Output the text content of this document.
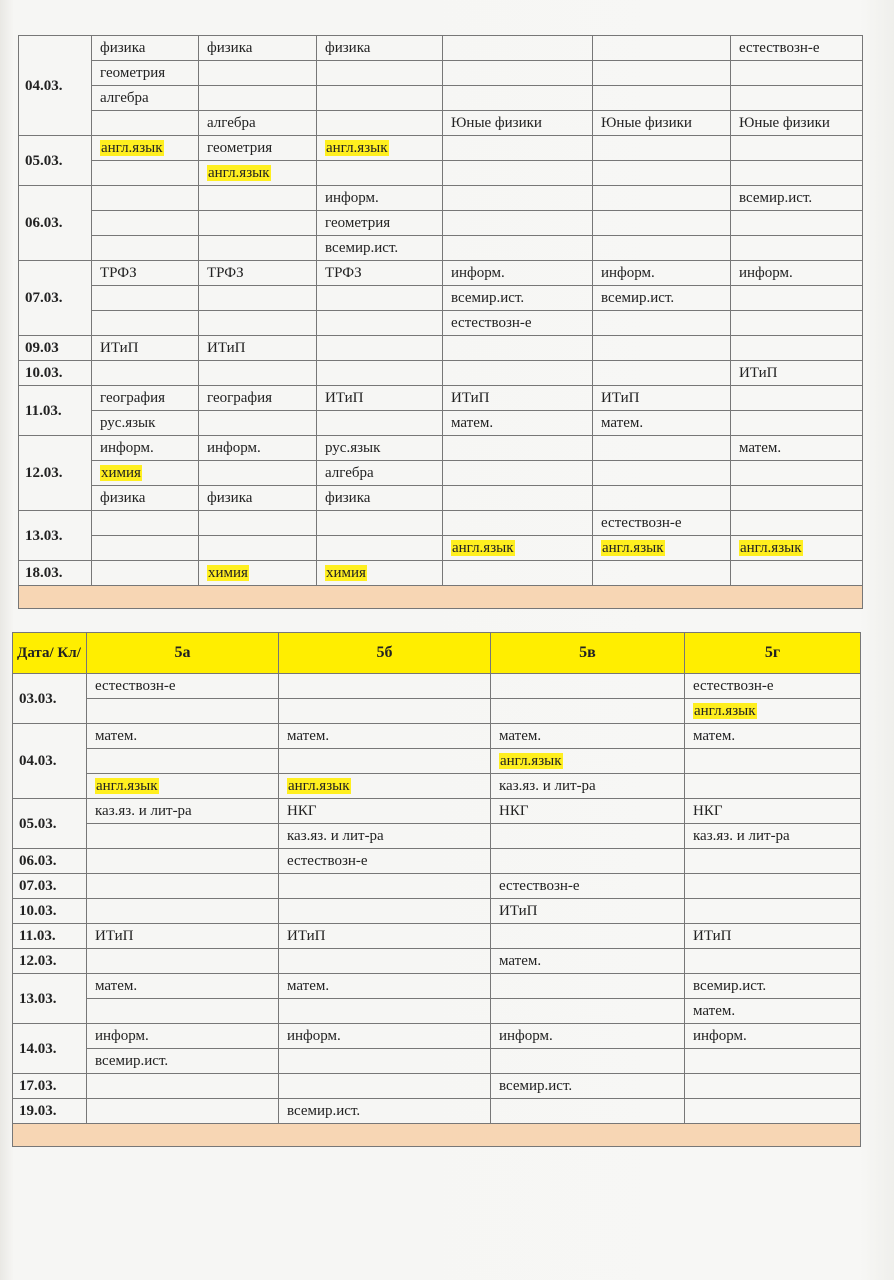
04.03.	физика	физика	физика			естествозн-е
	геометрия					
	алгебра					
		алгебра		Юные физики	Юные физики	Юные физики
05.03.	англ.язык	геометрия	англ.язык			
		англ.язык				
06.03.			информ.			всемир.ист.
			геометрия			
			всемир.ист.			
07.03.	ТРФЗ	ТРФЗ	ТРФЗ	информ.	информ.	информ.
				всемир.ист.	всемир.ист.	
				естествозн-е		
09.03	ИТиП	ИТиП				
10.03.						ИТиП
11.03.	география	география	ИТиП	ИТиП	ИТиП	
	рус.язык			матем.	матем.	
12.03.	информ.	информ.	рус.язык			матем.
	химия		алгебра			
	физика	физика	физика			
13.03.					естествозн-е	
				англ.язык	англ.язык	англ.язык
18.03.		химия	химия			

Дата/ Кл/	5а	5б	5в	5г
03.03.	естествозн-е			естествозн-е
				англ.язык
04.03.	матем.	матем.	матем.	матем.
			англ.язык	
	англ.язык	англ.язык	каз.яз. и лит-ра	
05.03.	каз.яз. и лит-ра	НКГ	НКГ	НКГ
		каз.яз. и лит-ра		каз.яз. и лит-ра
06.03.		естествозн-е		
07.03.			естествозн-е	
10.03.			ИТиП	
11.03.	ИТиП	ИТиП		ИТиП
12.03.			матем.	
13.03.	матем.	матем.		всемир.ист.
				матем.
14.03.	информ.	информ.	информ.	информ.
	всемир.ист.			
17.03.			всемир.ист.	
19.03.		всемир.ист.		
